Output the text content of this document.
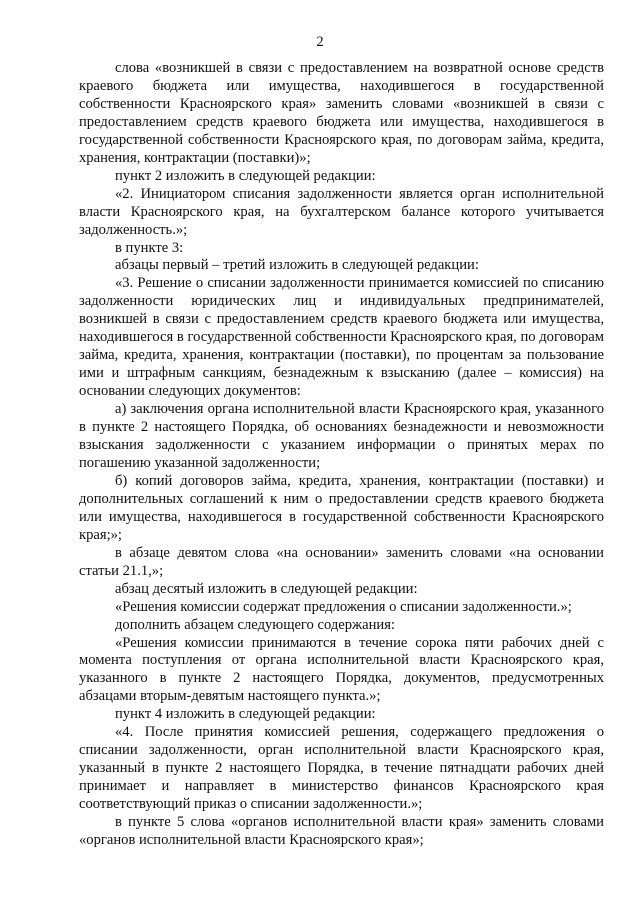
2

слова «возникшей в связи с предоставлением на возвратной основе средств краевого бюджета или имущества, находившегося в государственной собственности Красноярского края» заменить словами «возникшей в связи с предоставлением средств краевого бюджета или имущества, находившегося в государственной собственности Красноярского края, по договорам займа, кредита, хранения, контрактации (поставки)»;

пункт 2 изложить в следующей редакции:

«2. Инициатором списания задолженности является орган исполнительной власти Красноярского края, на бухгалтерском балансе которого учитывается задолженность.»;

в пункте 3:

абзацы первый – третий изложить в следующей редакции:

«3. Решение о списании задолженности принимается комиссией по списанию задолженности юридических лиц и индивидуальных предпринимателей, возникшей в связи с предоставлением средств краевого бюджета или имущества, находившегося в государственной собственности Красноярского края, по договорам займа, кредита, хранения, контрактации (поставки), по процентам за пользование ими и штрафным санкциям, безнадежным к взысканию (далее – комиссия) на основании следующих документов:

а) заключения органа исполнительной власти Красноярского края, указанного в пункте 2 настоящего Порядка, об основаниях безнадежности и невозможности взыскания задолженности с указанием информации о принятых мерах по погашению указанной задолженности;

б) копий договоров займа, кредита, хранения, контрактации (поставки) и дополнительных соглашений к ним о предоставлении средств краевого бюджета или имущества, находившегося в государственной собственности Красноярского края;»;

в абзаце девятом слова «на основании» заменить словами «на основании статьи 21.1,»;

абзац десятый изложить в следующей редакции:

«Решения комиссии содержат предложения о списании задолженности.»;

дополнить абзацем следующего содержания:

«Решения комиссии принимаются в течение сорока пяти рабочих дней с момента поступления от органа исполнительной власти Красноярского края, указанного в пункте 2 настоящего Порядка, документов, предусмотренных абзацами вторым-девятым настоящего пункта.»;

пункт 4 изложить в следующей редакции:

«4. После принятия комиссией решения, содержащего предложения о списании задолженности, орган исполнительной власти Красноярского края, указанный в пункте 2 настоящего Порядка, в течение пятнадцати рабочих дней принимает и направляет в министерство финансов Красноярского края соответствующий приказ о списании задолженности.»;

в пункте 5 слова «органов исполнительной власти края» заменить словами «органов исполнительной власти Красноярского края»;
